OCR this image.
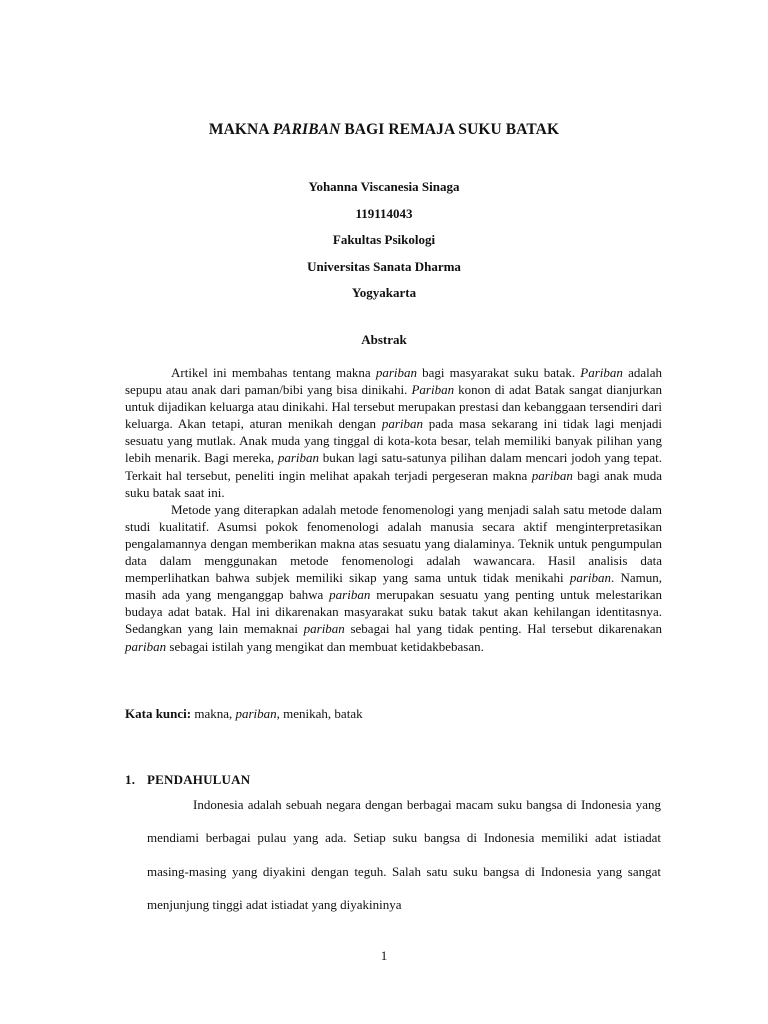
MAKNA PARIBAN BAGI REMAJA SUKU BATAK
Yohanna Viscanesia Sinaga
119114043
Fakultas Psikologi
Universitas Sanata Dharma
Yogyakarta
Abstrak

Artikel ini membahas tentang makna pariban bagi masyarakat suku batak. Pariban adalah sepupu atau anak dari paman/bibi yang bisa dinikahi. Pariban konon di adat Batak sangat dianjurkan untuk dijadikan keluarga atau dinikahi. Hal tersebut merupakan prestasi dan kebanggaan tersendiri dari keluarga. Akan tetapi, aturan menikah dengan pariban pada masa sekarang ini tidak lagi menjadi sesuatu yang mutlak. Anak muda yang tinggal di kota-kota besar, telah memiliki banyak pilihan yang lebih menarik. Bagi mereka, pariban bukan lagi satu-satunya pilihan dalam mencari jodoh yang tepat. Terkait hal tersebut, peneliti ingin melihat apakah terjadi pergeseran makna pariban bagi anak muda suku batak saat ini.

Metode yang diterapkan adalah metode fenomenologi yang menjadi salah satu metode dalam studi kualitatif. Asumsi pokok fenomenologi adalah manusia secara aktif menginterpretasikan pengalamannya dengan memberikan makna atas sesuatu yang dialaminya. Teknik untuk pengumpulan data dalam menggunakan metode fenomenologi adalah wawancara. Hasil analisis data memperlihatkan bahwa subjek memiliki sikap yang sama untuk tidak menikahi pariban. Namun, masih ada yang menganggap bahwa pariban merupakan sesuatu yang penting untuk melestarikan budaya adat batak. Hal ini dikarenakan masyarakat suku batak takut akan kehilangan identitasnya. Sedangkan yang lain memaknai pariban sebagai hal yang tidak penting. Hal tersebut dikarenakan pariban sebagai istilah yang mengikat dan membuat ketidakbebasan.

Kata kunci: makna, pariban, menikah, batak
1. PENDAHULUAN

Indonesia adalah sebuah negara dengan berbagai macam suku bangsa di Indonesia yang mendiami berbagai pulau yang ada. Setiap suku bangsa di Indonesia memiliki adat istiadat masing-masing yang diyakini dengan teguh. Salah satu suku bangsa di Indonesia yang sangat menjunjung tinggi adat istiadat yang diyakininya

1
